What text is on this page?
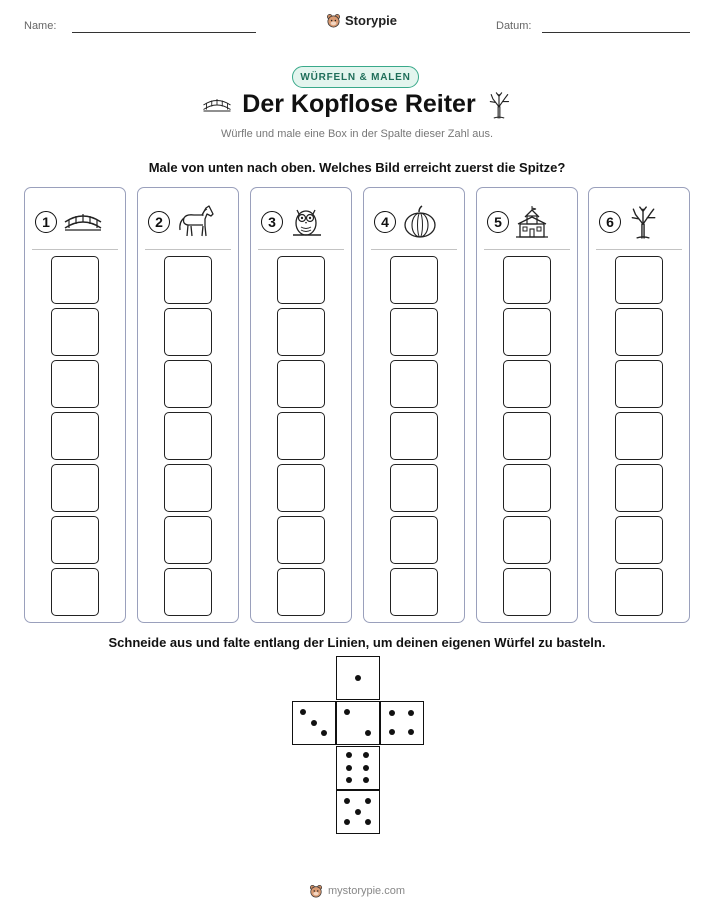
Name:	Storypie	Datum:
WÜRFELN & MALEN
Der Kopflose Reiter
Würfle und male eine Box in der Spalte dieser Zahl aus.
Male von unten nach oben. Welches Bild erreicht zuerst die Spitze?
1	2	3	4	5	6
Schneide aus und falte entlang der Linien, um deinen eigenen Würfel zu basteln.
mystorypie.com
